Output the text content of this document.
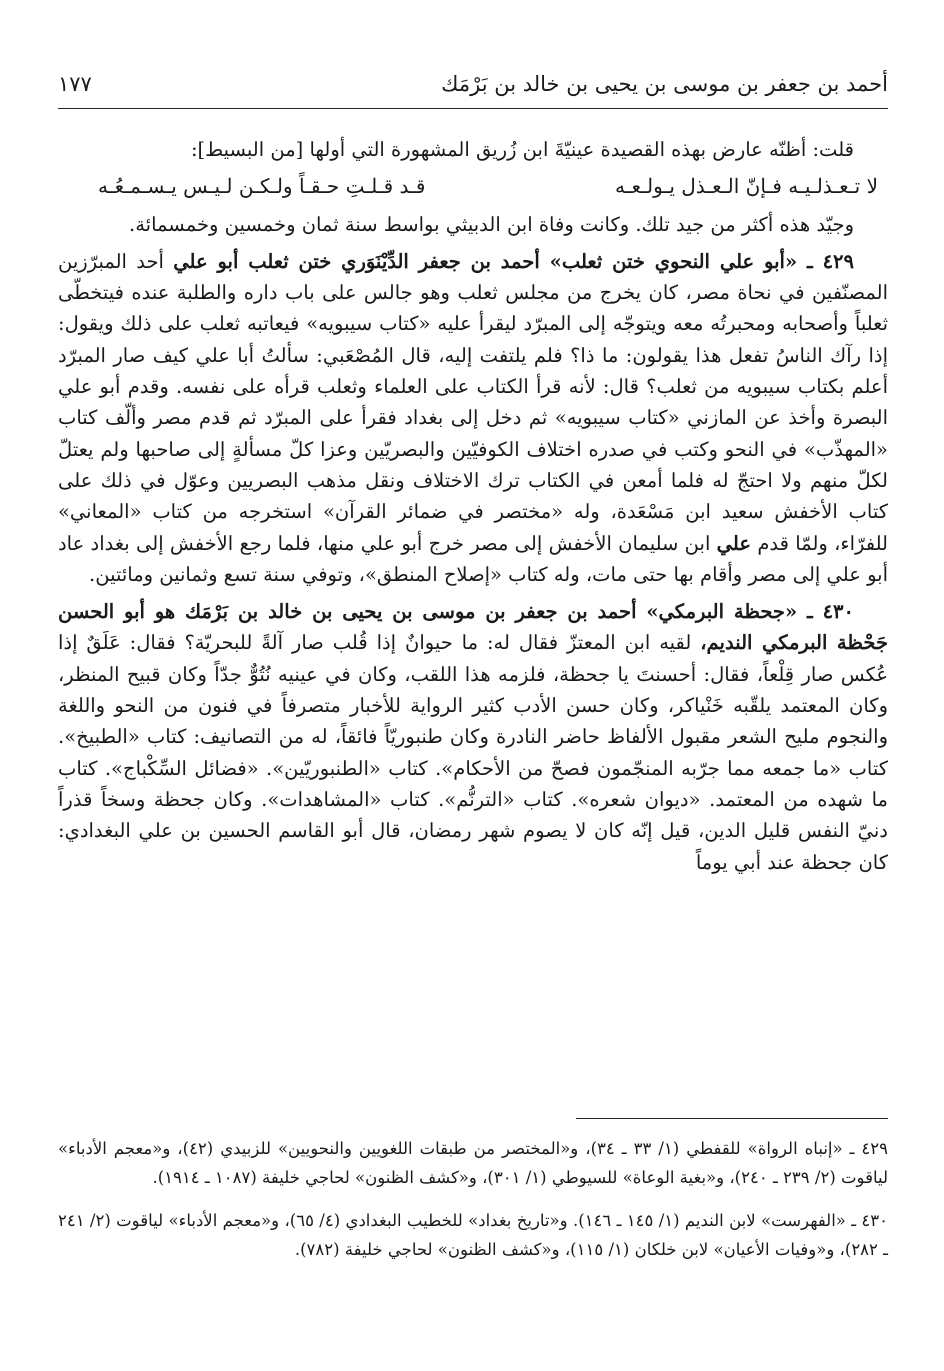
أحمد بن جعفر بن موسى بن يحيى بن خالد بن بَرْمَك
١٧٧

قلت: أظنّه عارض بهذه القصيدة عينيّةَ ابن زُريق المشهورة التي أولها [من البسيط]:

لا تـعـذلـيـه فـإنّ الـعـذل يـولـعـه
قـد قـلـتِ حـقـاً ولـكـن لـيـس يـسـمـعُـه

وجيّد هذه أكثر من جيد تلك. وكانت وفاة ابن الدبيثي بواسط سنة ثمان وخمسين وخمسمائة.

٤٢٩ ـ «أبو علي النحوي ختن ثعلب» أحمد بن جعفر الدِّيْنَوَري ختن ثعلب أبو علي أحد المبرّزين المصنّفين في نحاة مصر، كان يخرج من مجلس ثعلب وهو جالس على باب داره والطلبة عنده فيتخطّى ثعلباً وأصحابه ومحبرتُه معه ويتوجّه إلى المبرّد ليقرأ عليه «كتاب سيبويه» فيعاتبه ثعلب على ذلك ويقول: إذا رآك الناسُ تفعل هذا يقولون: ما ذا؟ فلم يلتفت إليه، قال المُصْعَبي: سألتُ أبا علي كيف صار المبرّد أعلم بكتاب سيبويه من ثعلب؟ قال: لأنه قرأ الكتاب على العلماء وثعلب قرأه على نفسه. وقدم أبو علي البصرة وأخذ عن المازني «كتاب سيبويه» ثم دخل إلى بغداد فقرأ على المبرّد ثم قدم مصر وألّف كتاب «المهذّب» في النحو وكتب في صدره اختلاف الكوفيّين والبصريّين وعزا كلّ مسألةٍ إلى صاحبها ولم يعتلّ لكلّ منهم ولا احتجّ له فلما أمعن في الكتاب ترك الاختلاف ونقل مذهب البصريين وعوّل في ذلك على كتاب الأخفش سعيد ابن مَسْعَدة، وله «مختصر في ضمائر القرآن» استخرجه من كتاب «المعاني» للفرّاء، ولمّا قدم علي ابن سليمان الأخفش إلى مصر خرج أبو علي منها، فلما رجع الأخفش إلى بغداد عاد أبو علي إلى مصر وأقام بها حتى مات، وله كتاب «إصلاح المنطق»، وتوفي سنة تسع وثمانين ومائتين.

٤٣٠ ـ «جحظة البرمكي» أحمد بن جعفر بن موسى بن يحيى بن خالد بن بَرْمَك هو أبو الحسن جَحْظة البرمكي النديم، لقيه ابن المعتزّ فقال له: ما حيوانٌ إذا قُلب صار آلةً للبحريّة؟ فقال: عَلَقٌ إذا عُكس صار قِلْعاً، فقال: أحسنتَ يا جحظة، فلزمه هذا اللقب، وكان في عينيه نُتُوٌّ جدّاً وكان قبيح المنظر، وكان المعتمد يلقّبه خَنْياكر، وكان حسن الأدب كثير الرواية للأخبار متصرفاً في فنون من النحو واللغة والنجوم مليح الشعر مقبول الألفاظ حاضر النادرة وكان طنبوريّاً فائقاً، له من التصانيف: كتاب «الطبيخ». كتاب «ما جمعه مما جرّبه المنجّمون فصحّ من الأحكام». كتاب «الطنبوريّين». «فضائل السِّكْباج». كتاب ما شهده من المعتمد. «ديوان شعره». كتاب «الترنُّم». كتاب «المشاهدات». وكان جحظة وسخاً قذراً دنيّ النفس قليل الدين، قيل إنّه كان لا يصوم شهر رمضان، قال أبو القاسم الحسين بن علي البغدادي: كان جحظة عند أبي يوماً

٤٢٩ ـ «إنباه الرواة» للقفطي (١/ ٣٣ ـ ٣٤)، و«المختصر من طبقات اللغويين والنحويين» للزبيدي (٤٢)، و«معجم الأدباء» لياقوت (٢/ ٢٣٩ ـ ٢٤٠)، و«بغية الوعاة» للسيوطي (١/ ٣٠١)، و«كشف الظنون» لحاجي خليفة (١٠٨٧ ـ ١٩١٤).

٤٣٠ ـ «الفهرست» لابن النديم (١/ ١٤٥ ـ ١٤٦). و«تاريخ بغداد» للخطيب البغدادي (٤/ ٦٥)، و«معجم الأدباء» لياقوت (٢/ ٢٤١ ـ ٢٨٢)، و«وفيات الأعيان» لابن خلكان (١/ ١١٥)، و«كشف الظنون» لحاجي خليفة (٧٨٢).
